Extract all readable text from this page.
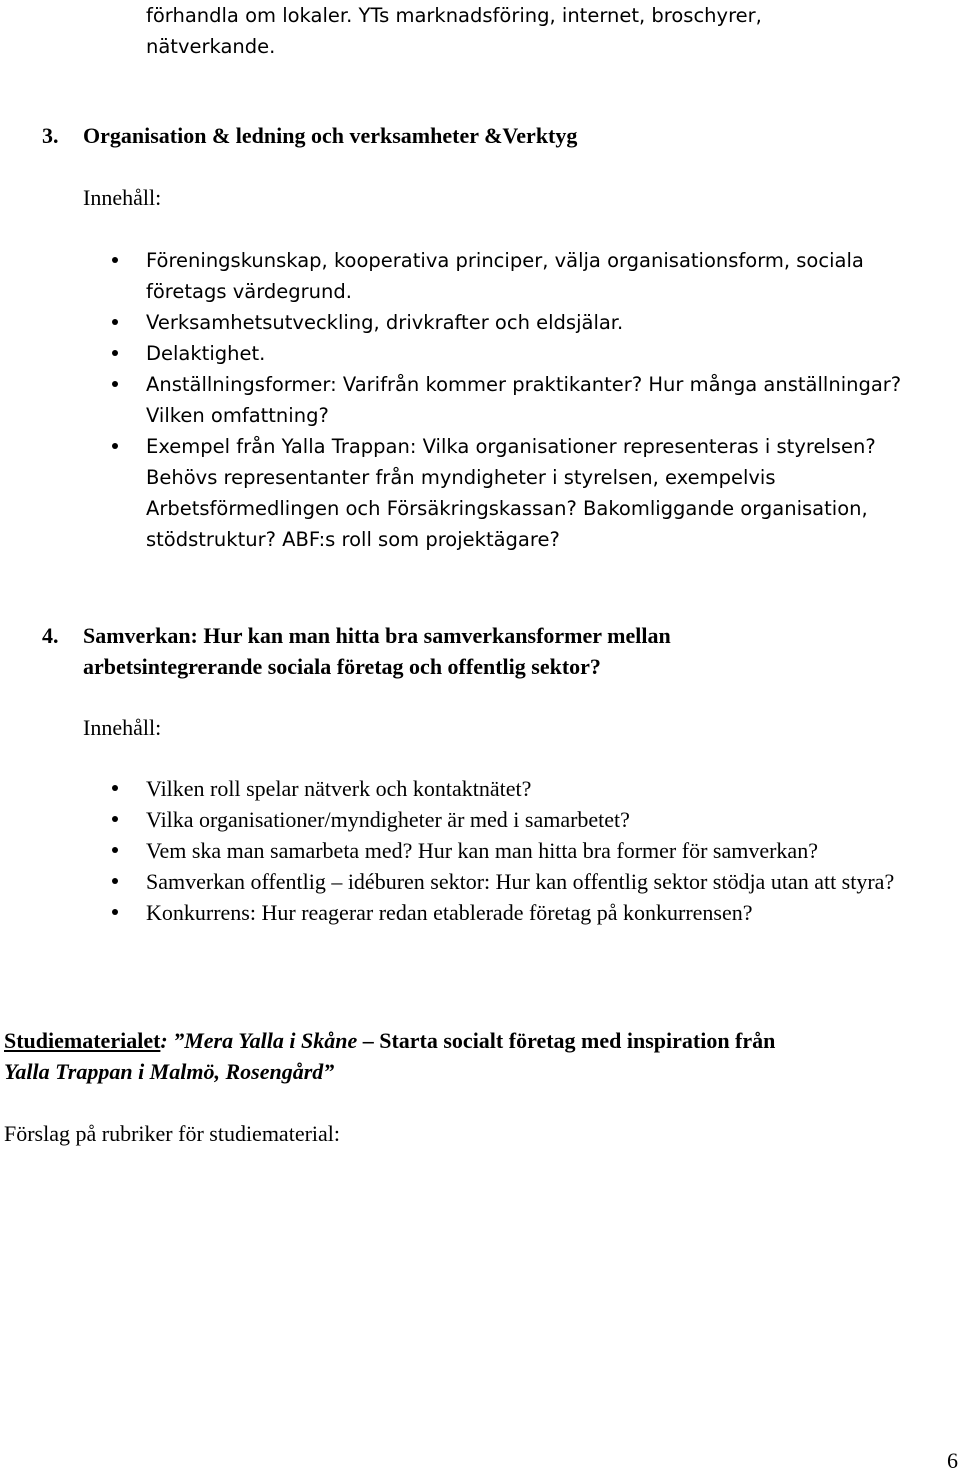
förhandla om lokaler. YTs marknadsföring, internet, broschyrer,
nätverkande.

3. Organisation & ledning och verksamheter &Verktyg

Innehåll:

Föreningskunskap, kooperativa principer, välja organisationsform, sociala företags värdegrund.
Verksamhetsutveckling, drivkrafter och eldsjälar.
Delaktighet.
Anställningsformer: Varifrån kommer praktikanter? Hur många anställningar? Vilken omfattning?
Exempel från Yalla Trappan: Vilka organisationer representeras i styrelsen? Behövs representanter från myndigheter i styrelsen, exempelvis Arbetsförmedlingen och Försäkringskassan? Bakomliggande organisation, stödstruktur? ABF:s roll som projektägare?
4. Samverkan: Hur kan man hitta bra samverkansformer mellan
arbetsintegrerande sociala företag och offentlig sektor?

Innehåll:

Vilken roll spelar nätverk och kontaktnätet?
Vilka organisationer/myndigheter är med i samarbetet?
Vem ska man samarbeta med? Hur kan man hitta bra former för samverkan?
Samverkan offentlig – idéburen sektor: Hur kan offentlig sektor stödja utan att styra?
Konkurrens: Hur reagerar redan etablerade företag på konkurrensen?

Studiematerialet: ”Mera Yalla i Skåne – Starta socialt företag med inspiration från
Yalla Trappan i Malmö, Rosengård”

Förslag på rubriker för studiematerial:

6
